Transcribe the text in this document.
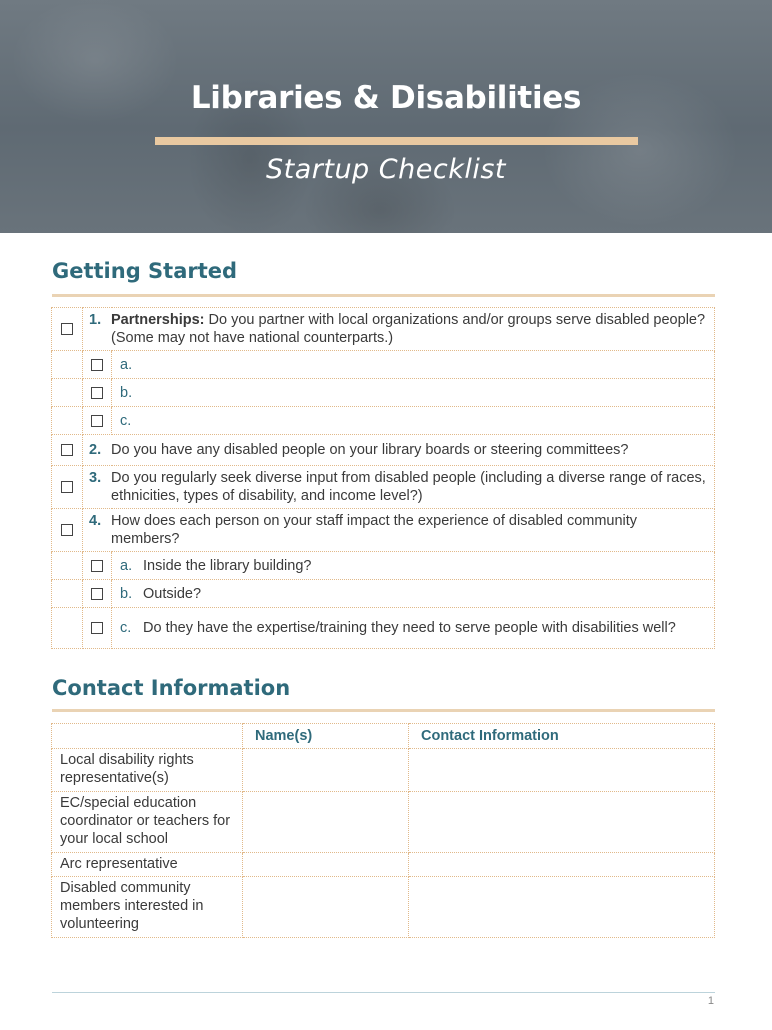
Libraries & Disabilities
Startup Checklist
Getting Started

	1. Partnerships: Do you partner with local organizations and/or groups serve disabled people? (Some may not have national counterparts.)	

		a.

		b.

		c.

	2. Do you have any disabled people on your library boards or steering committees?	

	3. Do you regularly seek diverse input from disabled people (including a diverse range of races, ethnicities, types of disability, and income level?)	

	4. How does each person on your staff impact the experience of disabled community members?	

		a. Inside the library building?

		b. Outside?

		c. Do they have the expertise/training they need to serve people with disabilities well?
Contact Information
	Name(s)	Contact Information
Local disability rights representative(s)		
EC/special education coordinator or teachers for your local school		
Arc representative		
Disabled community members interested in volunteering		
1
